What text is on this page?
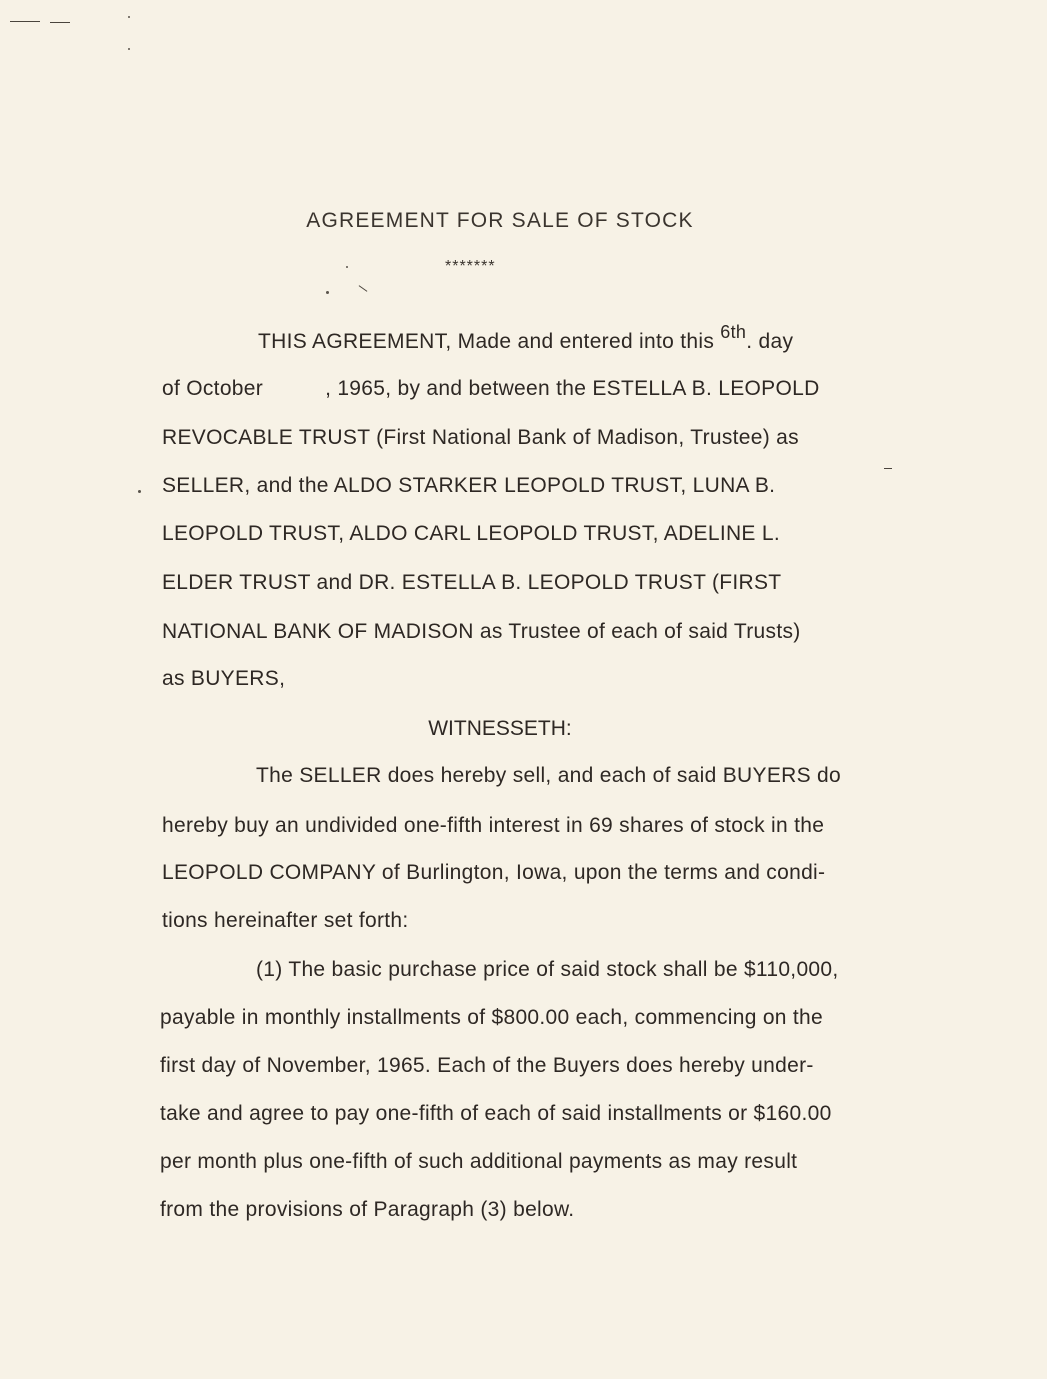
AGREEMENT FOR SALE OF STOCK
*******
THIS AGREEMENT, Made and entered into this 6th. day
of October	, 1965, by and between the ESTELLA B. LEOPOLD
REVOCABLE TRUST (First National Bank of Madison, Trustee) as
SELLER, and the ALDO STARKER LEOPOLD TRUST, LUNA B.
LEOPOLD TRUST, ALDO CARL LEOPOLD TRUST, ADELINE L.
ELDER TRUST and DR. ESTELLA B. LEOPOLD TRUST (FIRST
NATIONAL BANK OF MADISON as Trustee of each of said Trusts)
as BUYERS,
WITNESSETH:
The SELLER does hereby sell, and each of said BUYERS do
hereby buy an undivided one-fifth interest in 69 shares of stock in the
LEOPOLD COMPANY of Burlington, Iowa, upon the terms and condi-
tions hereinafter set forth:
(1) The basic purchase price of said stock shall be $110,000,
payable in monthly installments of $800.00 each, commencing on the
first day of November, 1965. Each of the Buyers does hereby under-
take and agree to pay one-fifth of each of said installments or $160.00
per month plus one-fifth of such additional payments as may result
from the provisions of Paragraph (3) below.
